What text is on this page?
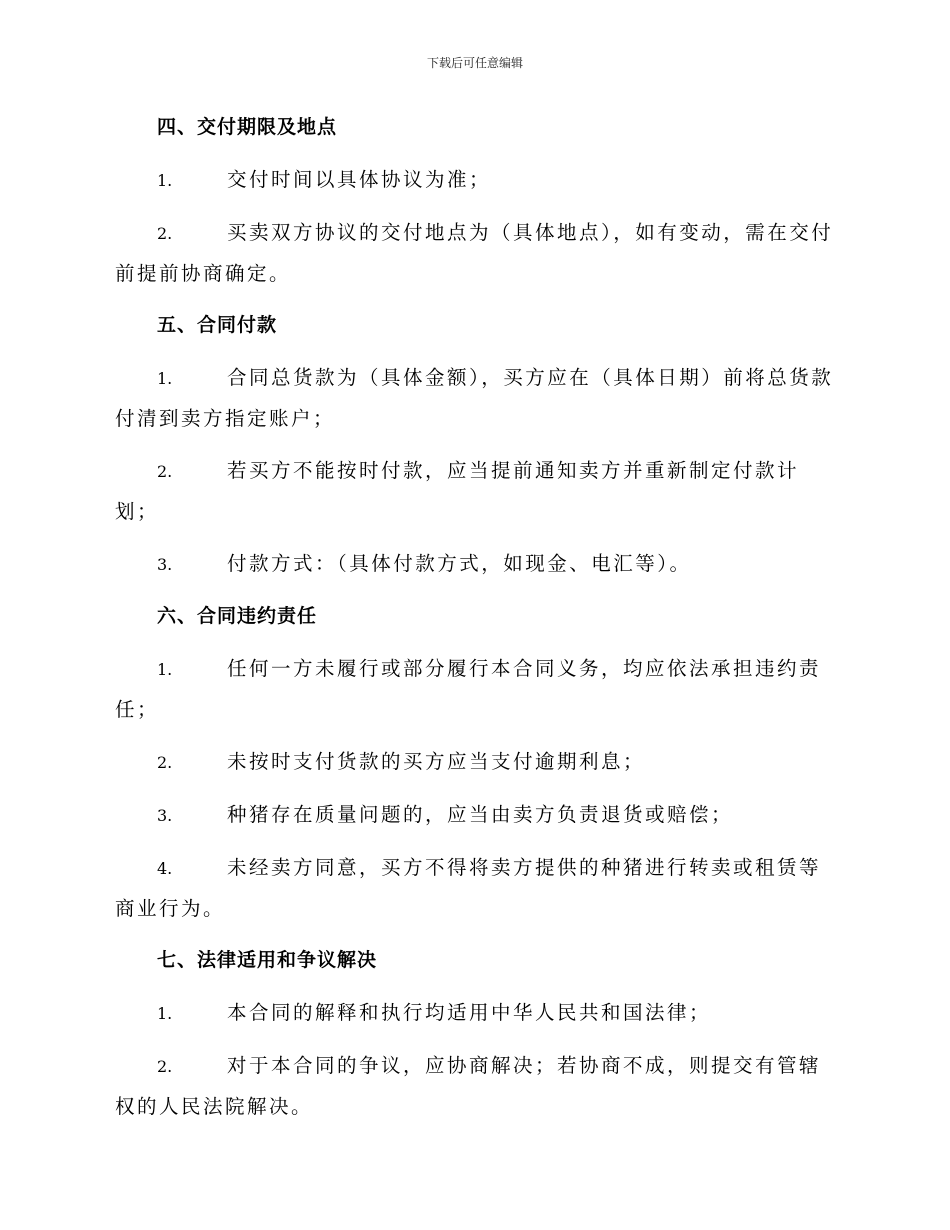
下载后可任意编辑
四、交付期限及地点
1.	交付时间以具体协议为准；
2.	买卖双方协议的交付地点为（具体地点），如有变动，需在交付前提前协商确定。
五、合同付款
1.	合同总货款为（具体金额），买方应在（具体日期）前将总货款付清到卖方指定账户；
2.	若买方不能按时付款，应当提前通知卖方并重新制定付款计划；
3.	付款方式：（具体付款方式，如现金、电汇等）。
六、合同违约责任
1.	任何一方未履行或部分履行本合同义务，均应依法承担违约责任；
2.	未按时支付货款的买方应当支付逾期利息；
3.	种猪存在质量问题的，应当由卖方负责退货或赔偿；
4.	未经卖方同意，买方不得将卖方提供的种猪进行转卖或租赁等商业行为。
七、法律适用和争议解决
1.	本合同的解释和执行均适用中华人民共和国法律；
2.	对于本合同的争议，应协商解决；若协商不成，则提交有管辖权的人民法院解决。
